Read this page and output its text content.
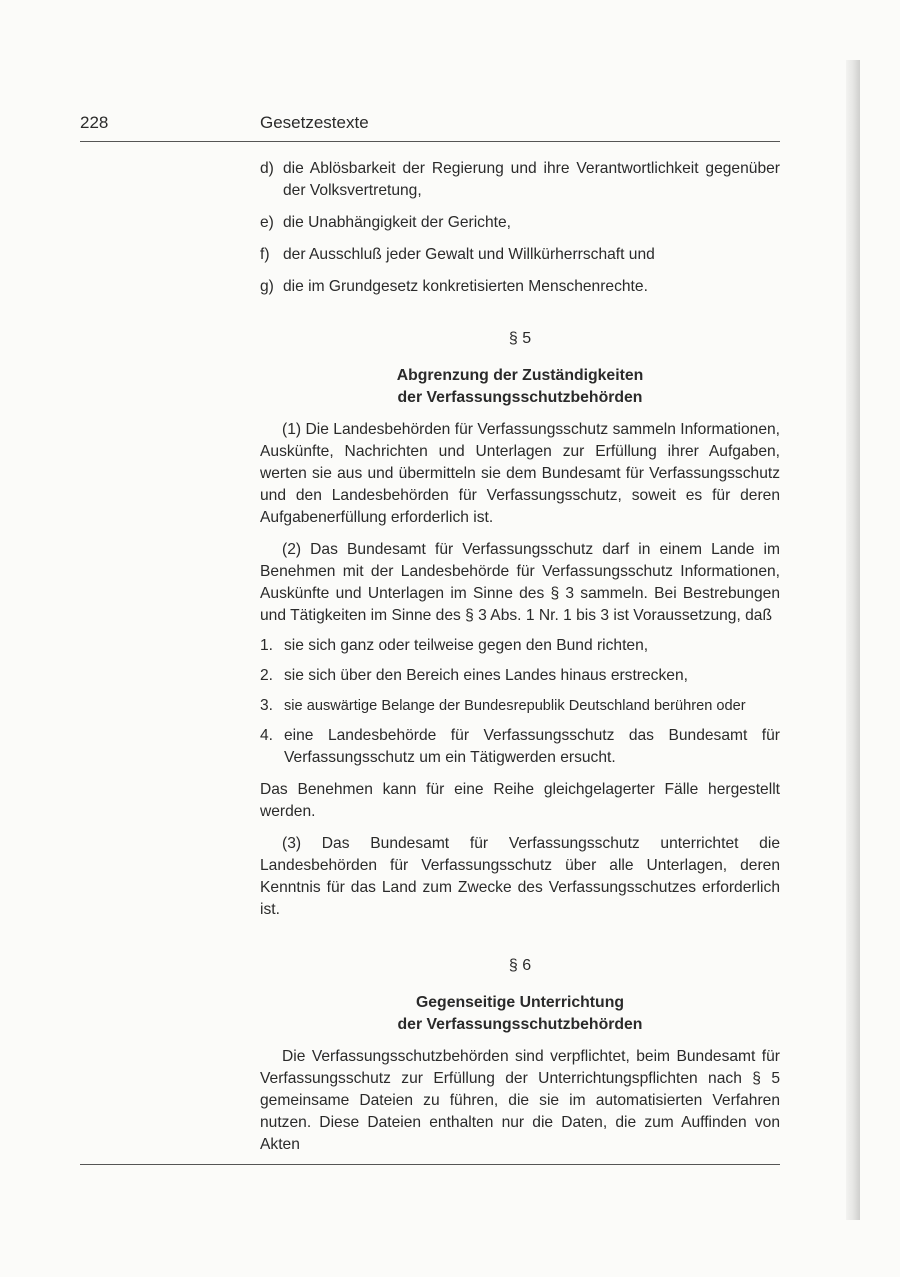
228	Gesetzestexte
d) die Ablösbarkeit der Regierung und ihre Verantwortlichkeit gegenüber der Volksvertretung,
e) die Unabhängigkeit der Gerichte,
f) der Ausschluß jeder Gewalt und Willkürherrschaft und
g) die im Grundgesetz konkretisierten Menschenrechte.
§ 5
Abgrenzung der Zuständigkeiten
der Verfassungsschutzbehörden

(1) Die Landesbehörden für Verfassungsschutz sammeln Informationen, Auskünfte, Nachrichten und Unterlagen zur Erfüllung ihrer Aufgaben, werten sie aus und übermitteln sie dem Bundesamt für Verfassungsschutz und den Landesbehörden für Verfassungsschutz, soweit es für deren Aufgabenerfüllung erforderlich ist.

(2) Das Bundesamt für Verfassungsschutz darf in einem Lande im Benehmen mit der Landesbehörde für Verfassungsschutz Informationen, Auskünfte und Unterlagen im Sinne des § 3 sammeln. Bei Bestrebungen und Tätigkeiten im Sinne des § 3 Abs. 1 Nr. 1 bis 3 ist Voraussetzung, daß

1. sie sich ganz oder teilweise gegen den Bund richten,
2. sie sich über den Bereich eines Landes hinaus erstrecken,
3. sie auswärtige Belange der Bundesrepublik Deutschland berühren oder
4. eine Landesbehörde für Verfassungsschutz das Bundesamt für Verfassungsschutz um ein Tätigwerden ersucht.

Das Benehmen kann für eine Reihe gleichgelagerter Fälle hergestellt werden.

(3) Das Bundesamt für Verfassungsschutz unterrichtet die Landesbehörden für Verfassungsschutz über alle Unterlagen, deren Kenntnis für das Land zum Zwecke des Verfassungsschutzes erforderlich ist.

§ 6
Gegenseitige Unterrichtung
der Verfassungsschutzbehörden

Die Verfassungsschutzbehörden sind verpflichtet, beim Bundesamt für Verfassungsschutz zur Erfüllung der Unterrichtungspflichten nach § 5 gemeinsame Dateien zu führen, die sie im automatisierten Verfahren nutzen. Diese Dateien enthalten nur die Daten, die zum Auffinden von Akten
